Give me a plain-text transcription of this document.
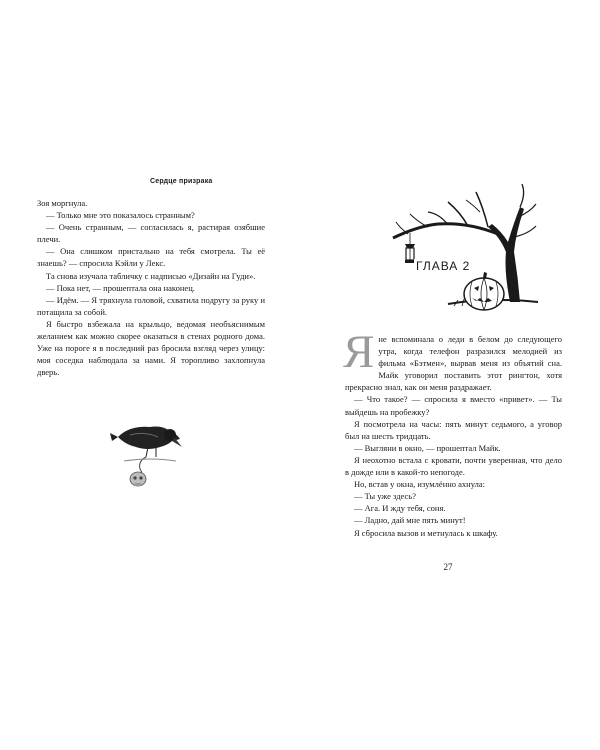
Сердце призрака

Зоя моргнула.

— Только мне это показалось странным?

— Очень странным, — согласилась я, растирая озябшие плечи.

— Она слишком пристально на тебя смотрела. Ты её знаешь? — спросила Кэйли у Лекс.

Та снова изучала табличку с надписью «Дизайн на Гуди».

— Пока нет, — прошептала она наконец.

— Идём. — Я тряхнула головой, схватила подругу за руку и потащила за собой.

Я быстро взбежала на крыльцо, ведомая необъяснимым желанием как можно скорее оказаться в стенах родного дома. Уже на пороге я в последний раз бросила взгляд через улицу: моя соседка наблюдала за нами. Я торопливо захлопнула дверь.

ГЛАВА 2

Я не вспоминала о леди в белом до следующего утра, когда телефон разразился мелодией из фильма «Бэтмен», вырвав меня из объятий сна. Майк уговорил поставить этот рингтон, хотя прекрасно знал, как он меня раздражает.

— Что такое? — спросила я вместо «привет». — Ты выйдешь на пробежку?

Я посмотрела на часы: пять минут седьмого, а уговор был на шесть тридцать.

— Выгляни в окно, — прошептал Майк.

Я неохотно встала с кровати, почти уверенная, что дело в дожде или в какой-то непогоде.

Но, встав у окна, изумлённо ахнула:

— Ты уже здесь?

— Ага. И жду тебя, соня.

— Ладно, дай мне пять минут!

Я сбросила вызов и метнулась к шкафу.

27
